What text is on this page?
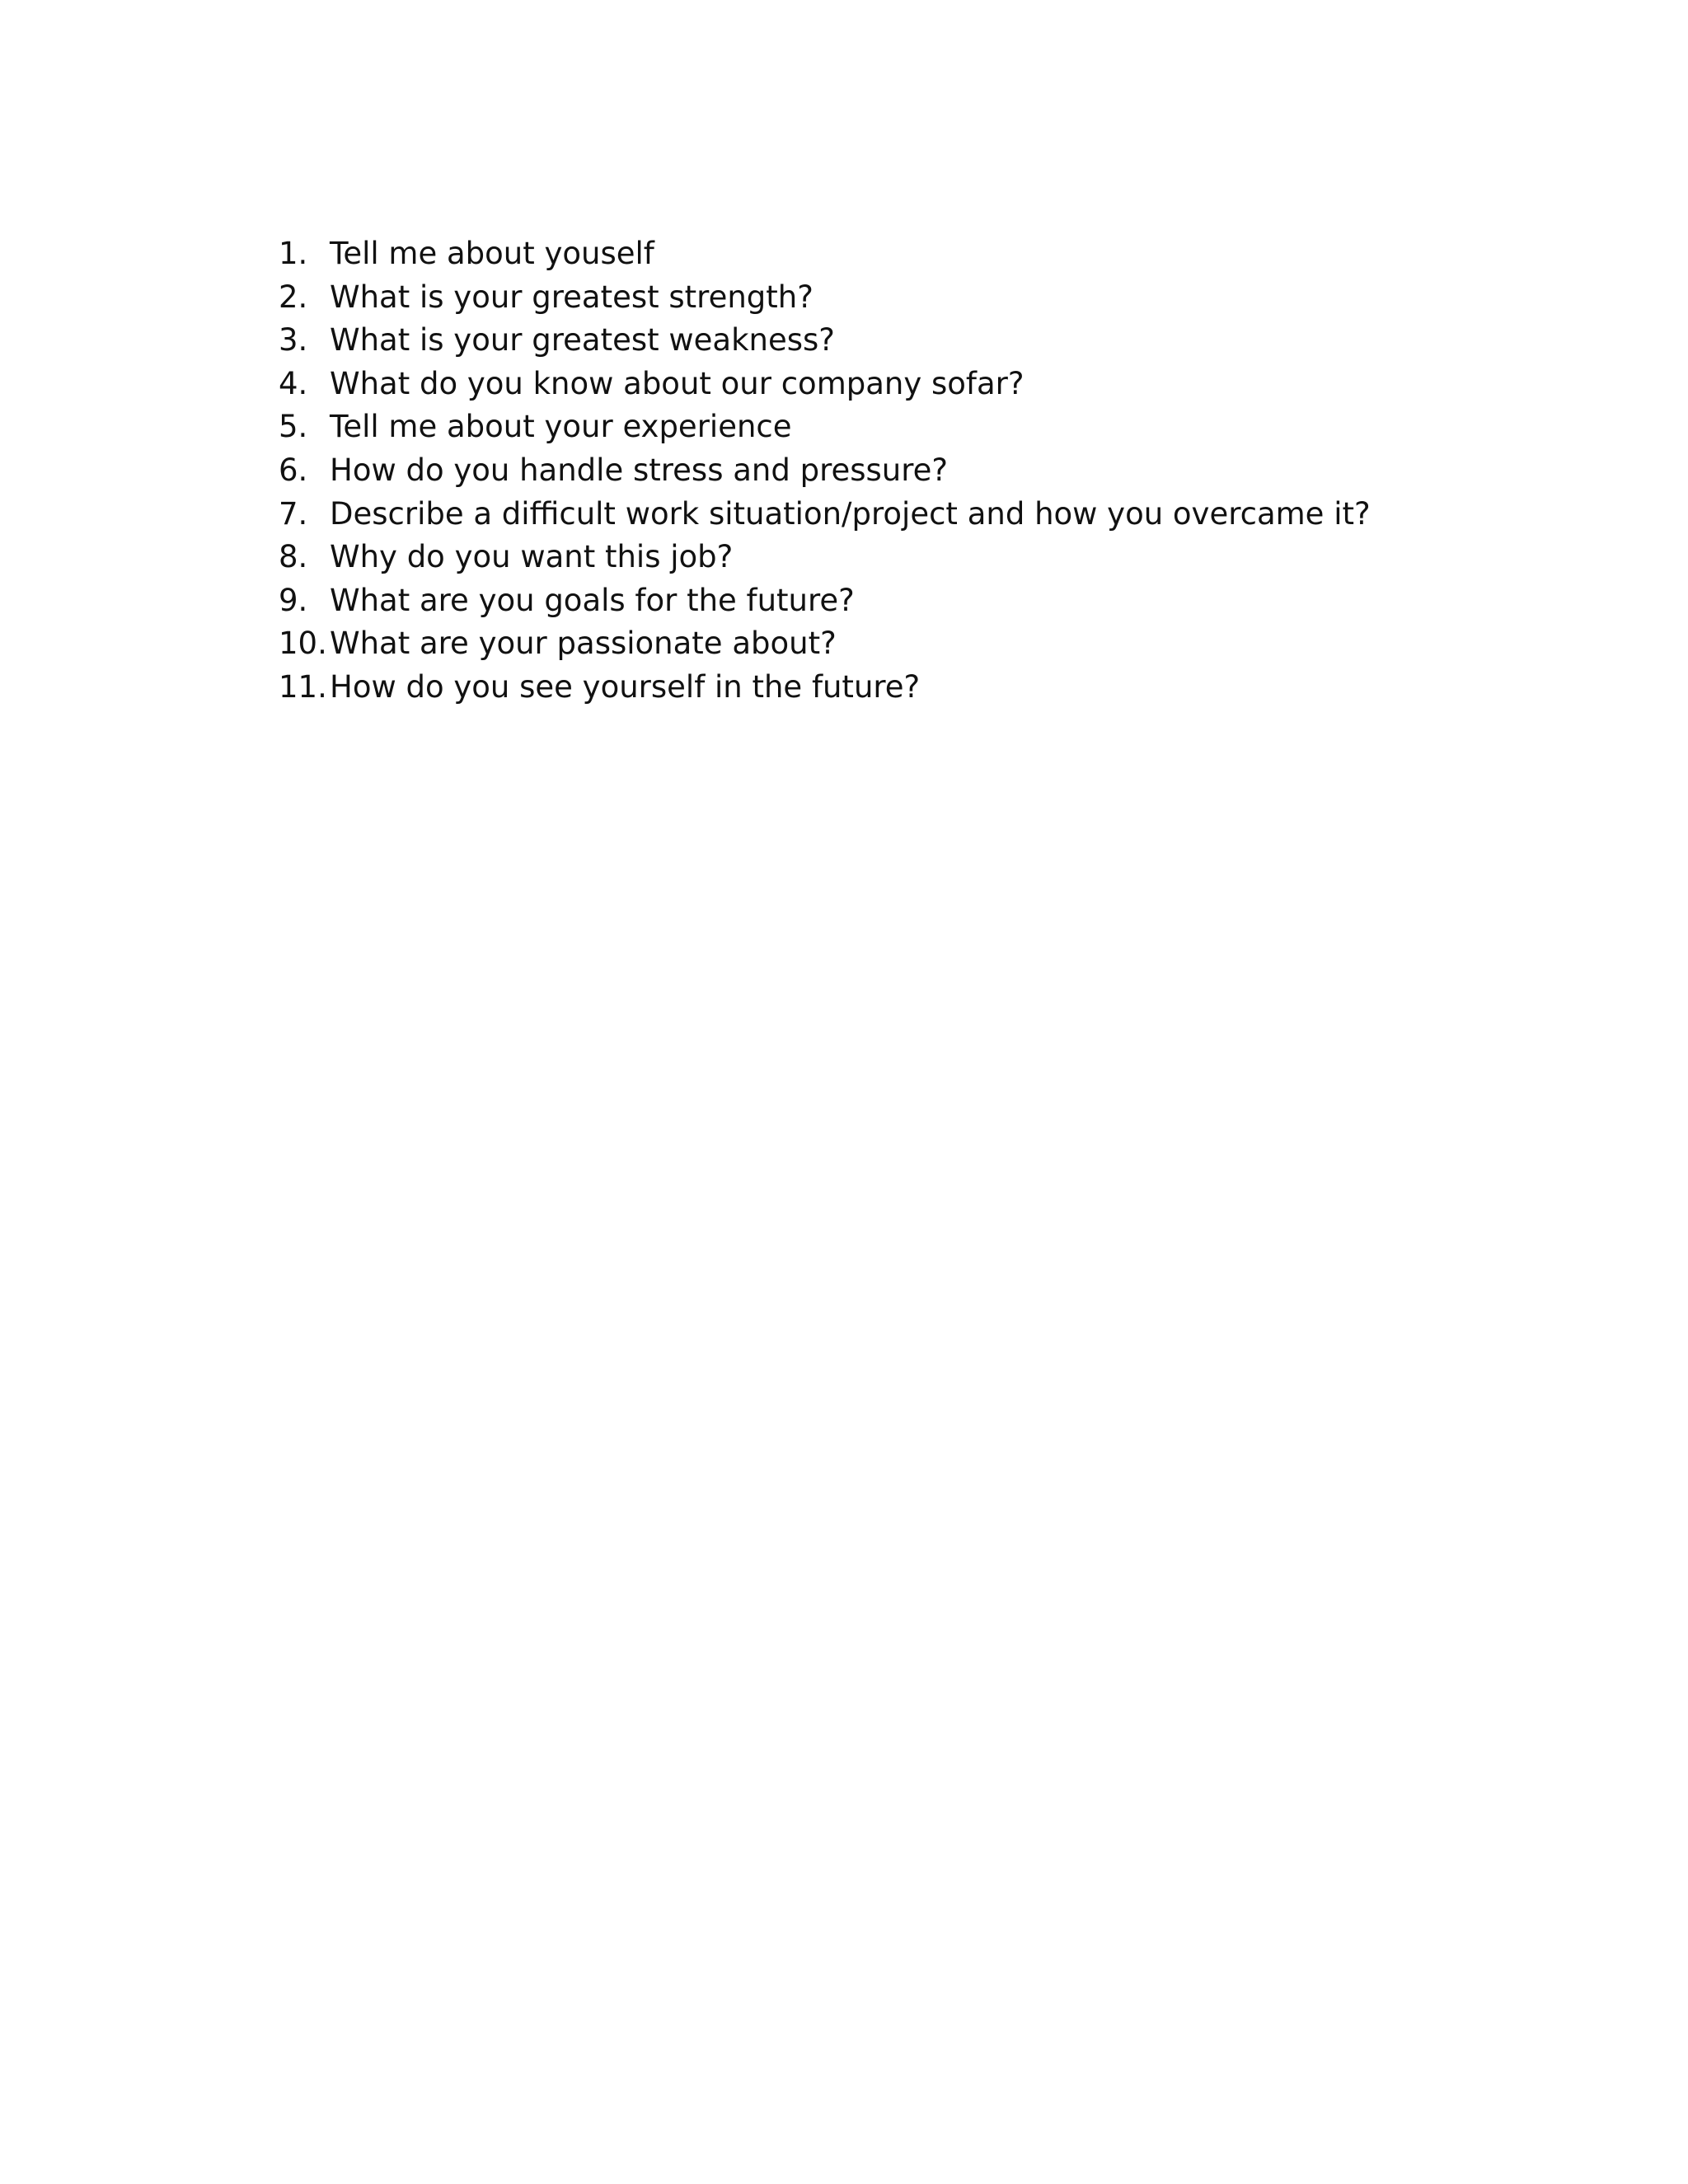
1. Tell me about youself
2. What is your greatest strength?
3. What is your greatest weakness?
4. What do you know about our company sofar?
5. Tell me about your experience
6. How do you handle stress and pressure?
7. Describe a difficult work situation/project and how you overcame it?
8. Why do you want this job?
9. What are you goals for the future?
10. What are your passionate about?
11. How do you see yourself in the future?
